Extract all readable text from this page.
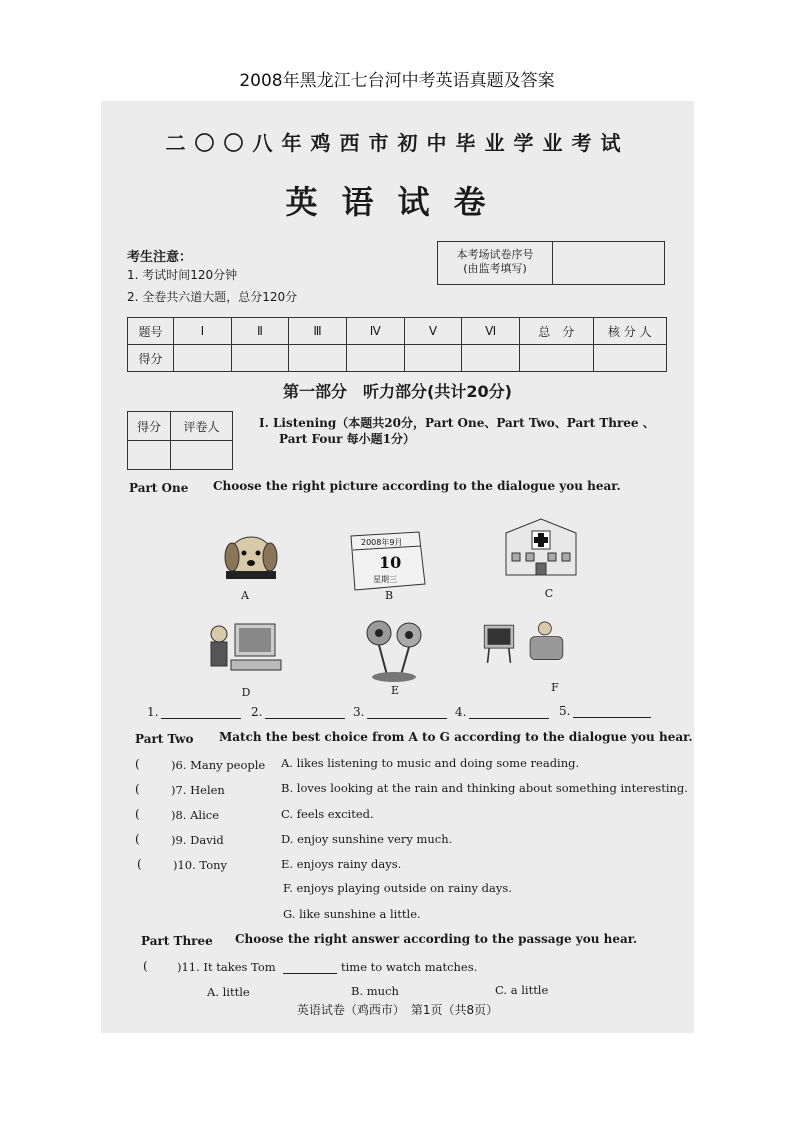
2008年黑龙江七台河中考英语真题及答案
二〇〇八年鸡西市初中毕业学业考试
英语试卷
考生注意：
1. 考试时间120分钟
2. 全卷共六道大题，总分120分
本考场试卷序号
(由监考填写)
题号	Ⅰ	Ⅱ	Ⅲ	Ⅳ	Ⅴ	Ⅵ	总　分	核 分 人
得分								
第一部分　听力部分(共计20分)
得分	评卷人
		Ⅰ. Listening（本题共20分，Part One、Part Two、Part Three 、
Part Four 每小题1分）
Part One Choose the right picture according to the dialogue you hear.
A
2008年9月
10
星期三
B	C
D	E	F
1.	2.	3.	4.	5.
Part Two Match the best choice from A to G according to the dialogue you hear.
(	)6. Many people
(	)7. Helen
(	)8. Alice
(	)9. David
(	)10. Tony
A. likes listening to music and doing some reading.
B. loves looking at the rain and thinking about something interesting.
C. feels excited.
D. enjoy sunshine very much.
E. enjoys rainy days.
F. enjoys playing outside on rainy days.
G. like sunshine a little.
Part Three Choose the right answer according to the passage you hear.
(	)11. It takes Tom	time to watch matches.
A. little	B. much	C. a little
英语试卷（鸡西市）　第1页（共8页）
